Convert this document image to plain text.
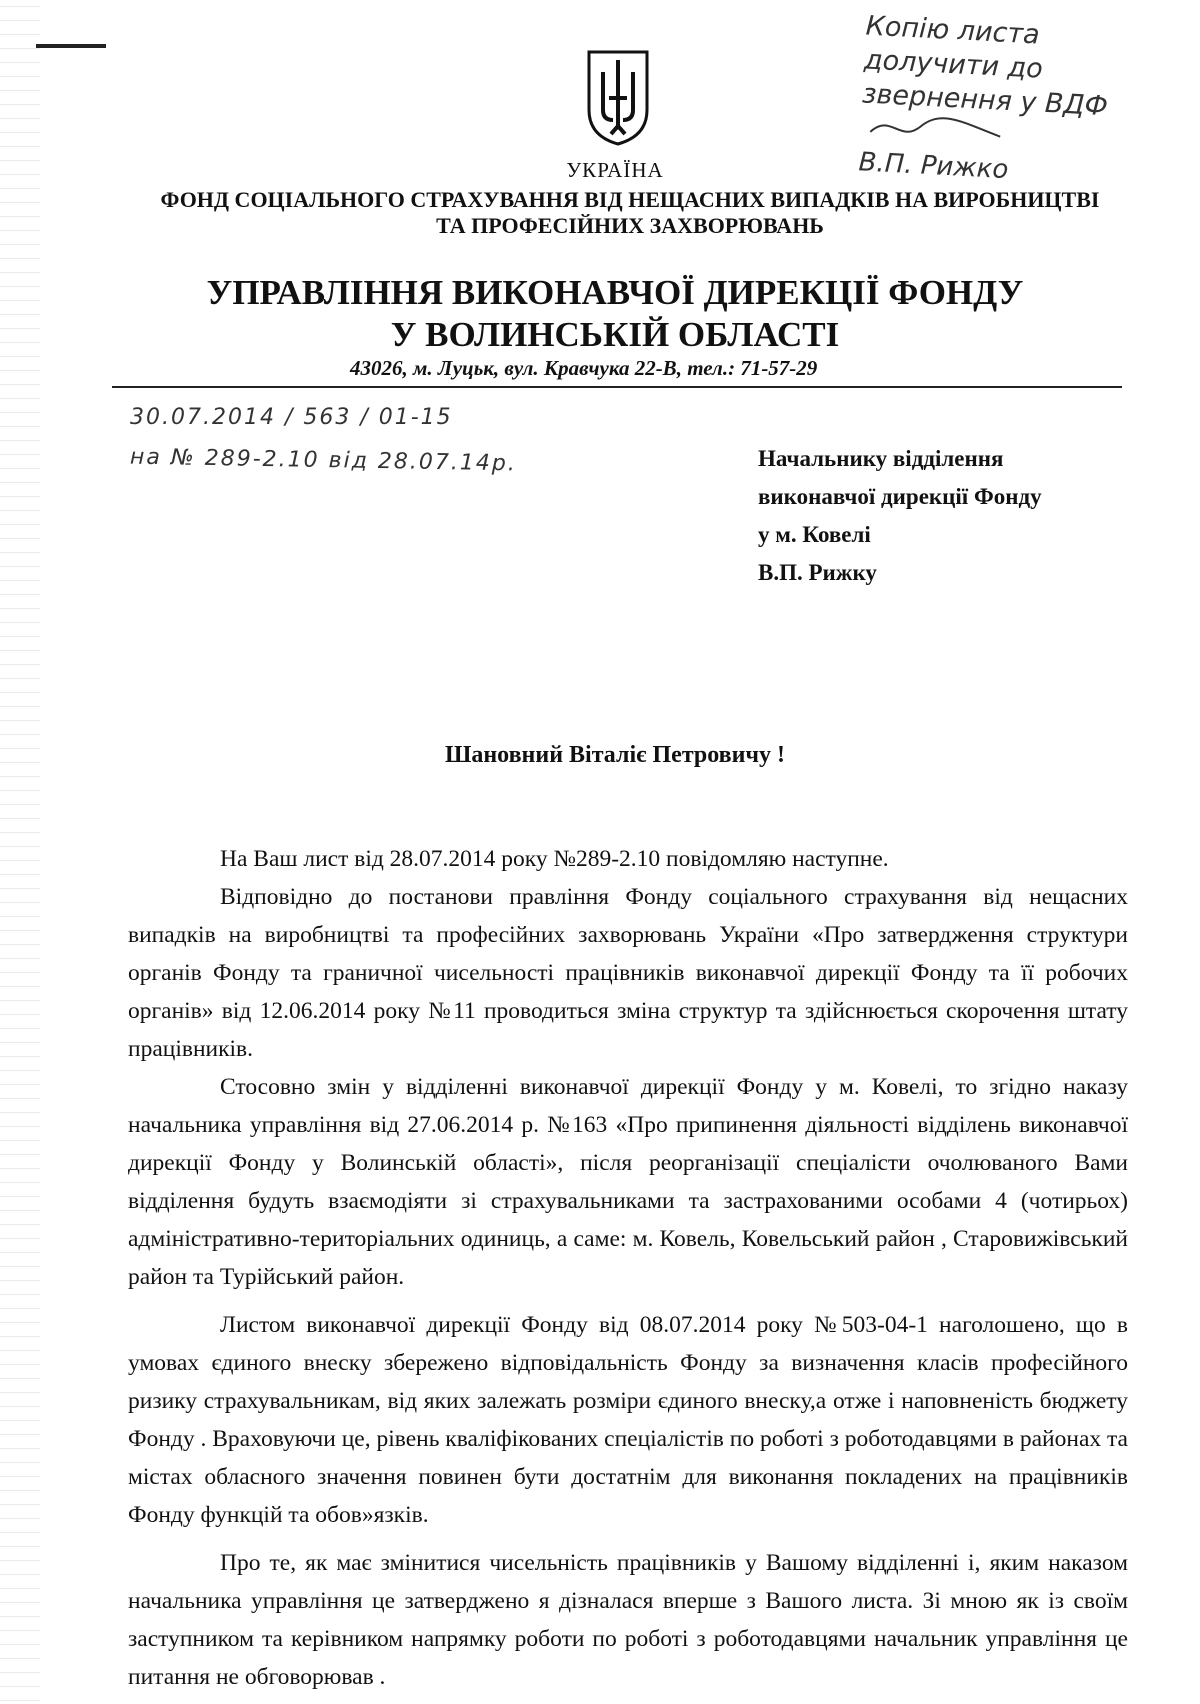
Копію листа
долучити до
звернення у ВДФ
В.П. Рижко
УКРАЇНА
ФОНД СОЦІАЛЬНОГО СТРАХУВАННЯ ВІД НЕЩАСНИХ ВИПАДКІВ НА ВИРОБНИЦТВІ
ТА ПРОФЕСІЙНИХ ЗАХВОРЮВАНЬ
УПРАВЛІННЯ ВИКОНАВЧОЇ ДИРЕКЦІЇ ФОНДУ
У ВОЛИНСЬКІЙ ОБЛАСТІ
43026, м. Луцьк, вул. Кравчука 22-В, тел.: 71-57-29
30.07.2014 / 563 / 01-15
на № 289-2.10 від 28.07.14р.	Начальнику відділення
виконавчої дирекції Фонду
у м. Ковелі
В.П. Рижку
Шановний Віталіє Петровичу !

На Ваш лист від 28.07.2014 року №289-2.10 повідомляю наступне.

Відповідно до постанови правління Фонду соціального страхування від нещасних випадків на виробництві та професійних захворювань України «Про затвердження структури органів Фонду та граничної чисельності працівників виконавчої дирекції Фонду та її робочих органів» від 12.06.2014 року №11 проводиться зміна структур та здійснюється скорочення штату працівників.

Стосовно змін у відділенні виконавчої дирекції Фонду у м. Ковелі, то згідно наказу начальника управління від 27.06.2014 р. №163 «Про припинення діяльності відділень виконавчої дирекції Фонду у Волинській області», після реорганізації спеціалісти очолюваного Вами відділення будуть взаємодіяти зі страхувальниками та застрахованими особами 4 (чотирьох) адміністративно-територіальних одиниць, а саме: м. Ковель, Ковельський район , Старовижівський район та Турійський район.

Листом виконавчої дирекції Фонду від 08.07.2014 року №503-04-1 наголошено, що в умовах єдиного внеску збережено відповідальність Фонду за визначення класів професійного ризику страхувальникам, від яких залежать розміри єдиного внеску,а отже і наповненість бюджету Фонду . Враховуючи це, рівень кваліфікованих спеціалістів по роботі з роботодавцями в районах та містах обласного значення повинен бути достатнім для виконання покладених на працівників Фонду функцій та обов»язків.

Про те, як має змінитися чисельність працівників у Вашому відділенні і, яким наказом начальника управління це затверджено я дізналася вперше з Вашого листа. Зі мною як із своїм заступником та керівником напрямку роботи по роботі з роботодавцями начальник управління це питання не обговорював .
